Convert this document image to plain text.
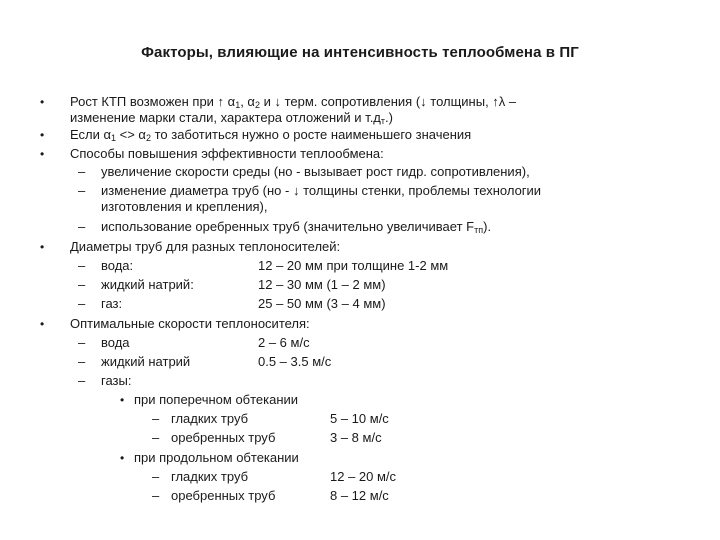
Факторы, влияющие на интенсивность теплообмена в ПГ
• Рост КТП возможен при ↑ $\alpha_1$, $\alpha_2$ и ↓ терм. сопротивления (↓ толщины, ↑λ –
изменение марки стали, характера отложений и $т.д_т$.)
• Если $\alpha_1 <> \alpha_2$ то заботиться нужно о росте наименьшего значения
• Способы повышения эффективности теплообмена:
– увеличение скорости среды (но - вызывает рост гидр. сопротивления),
– изменение диаметра труб (но - ↓ толщины стенки, проблемы технологии
изготовления и крепления),
– использование оребренных труб (значительно увеличивает $F_{тп}$).
• Диаметры труб для разных теплоносителей:
– вода:	12 – 20 мм при толщине 1-2 мм
– жидкий натрий:	12 – 30 мм (1 – 2 мм)
– газ:	25 – 50 мм (3 – 4 мм)
• Оптимальные скорости теплоносителя:
– вода	2 – 6 м/с
– жидкий натрий	0.5 – 3.5 м/с
– газы:
• при поперечном обтекании
– гладких труб	5 – 10 м/с
– оребренных труб	3 – 8 м/с
• при продольном обтекании
– гладких труб	12 – 20 м/с
– оребренных труб	8 – 12 м/с
